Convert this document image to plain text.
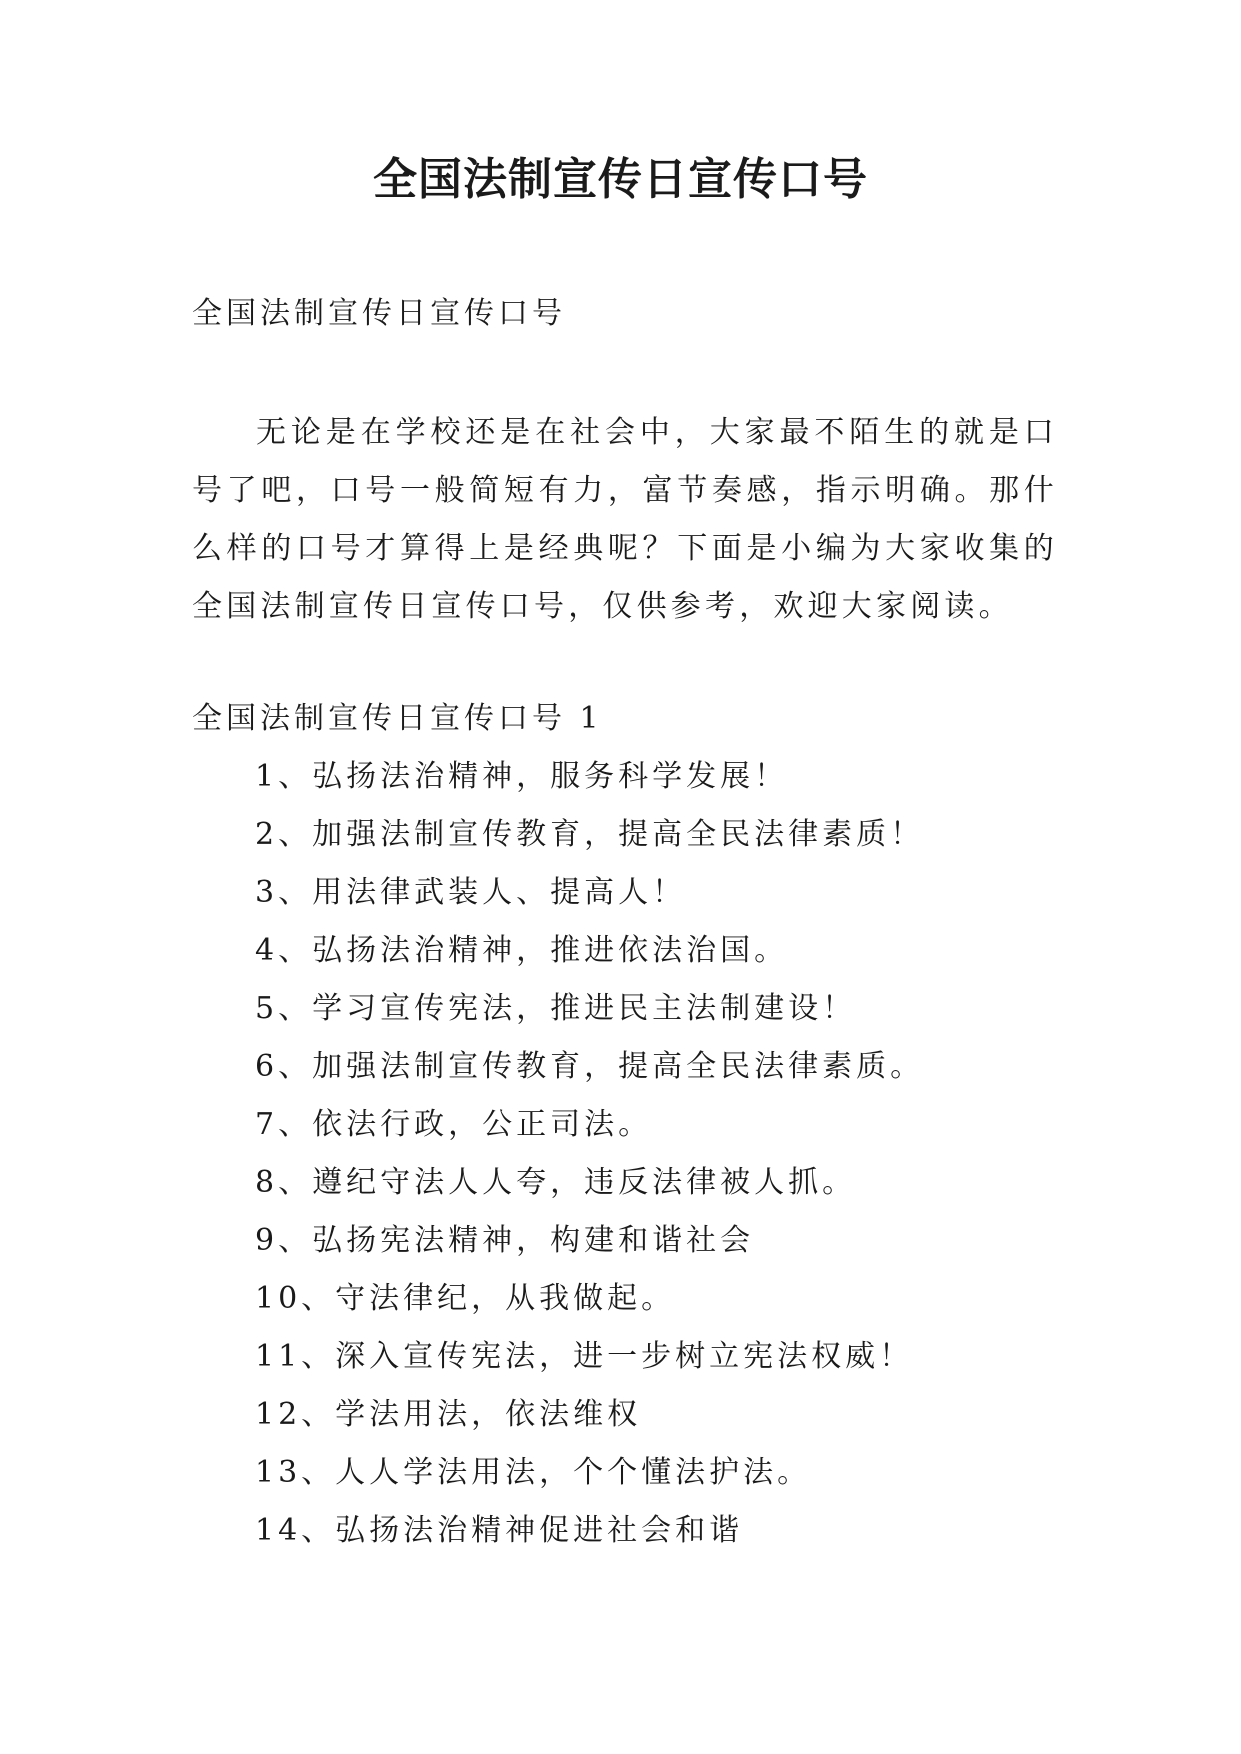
全国法制宣传日宣传口号

全国法制宣传日宣传口号

无论是在学校还是在社会中，大家最不陌生的就是口号了吧，口号一般简短有力，富节奏感，指示明确。那什么样的口号才算得上是经典呢？下面是小编为大家收集的全国法制宣传日宣传口号，仅供参考，欢迎大家阅读。

全国法制宣传日宣传口号 1

1、弘扬法治精神，服务科学发展！
2、加强法制宣传教育，提高全民法律素质！
3、用法律武装人、提高人！
4、弘扬法治精神，推进依法治国。
5、学习宣传宪法，推进民主法制建设！
6、加强法制宣传教育，提高全民法律素质。
7、依法行政，公正司法。
8、遵纪守法人人夸，违反法律被人抓。
9、弘扬宪法精神，构建和谐社会
10、守法律纪，从我做起。
11、深入宣传宪法，进一步树立宪法权威！
12、学法用法，依法维权
13、人人学法用法，个个懂法护法。
14、弘扬法治精神促进社会和谐
